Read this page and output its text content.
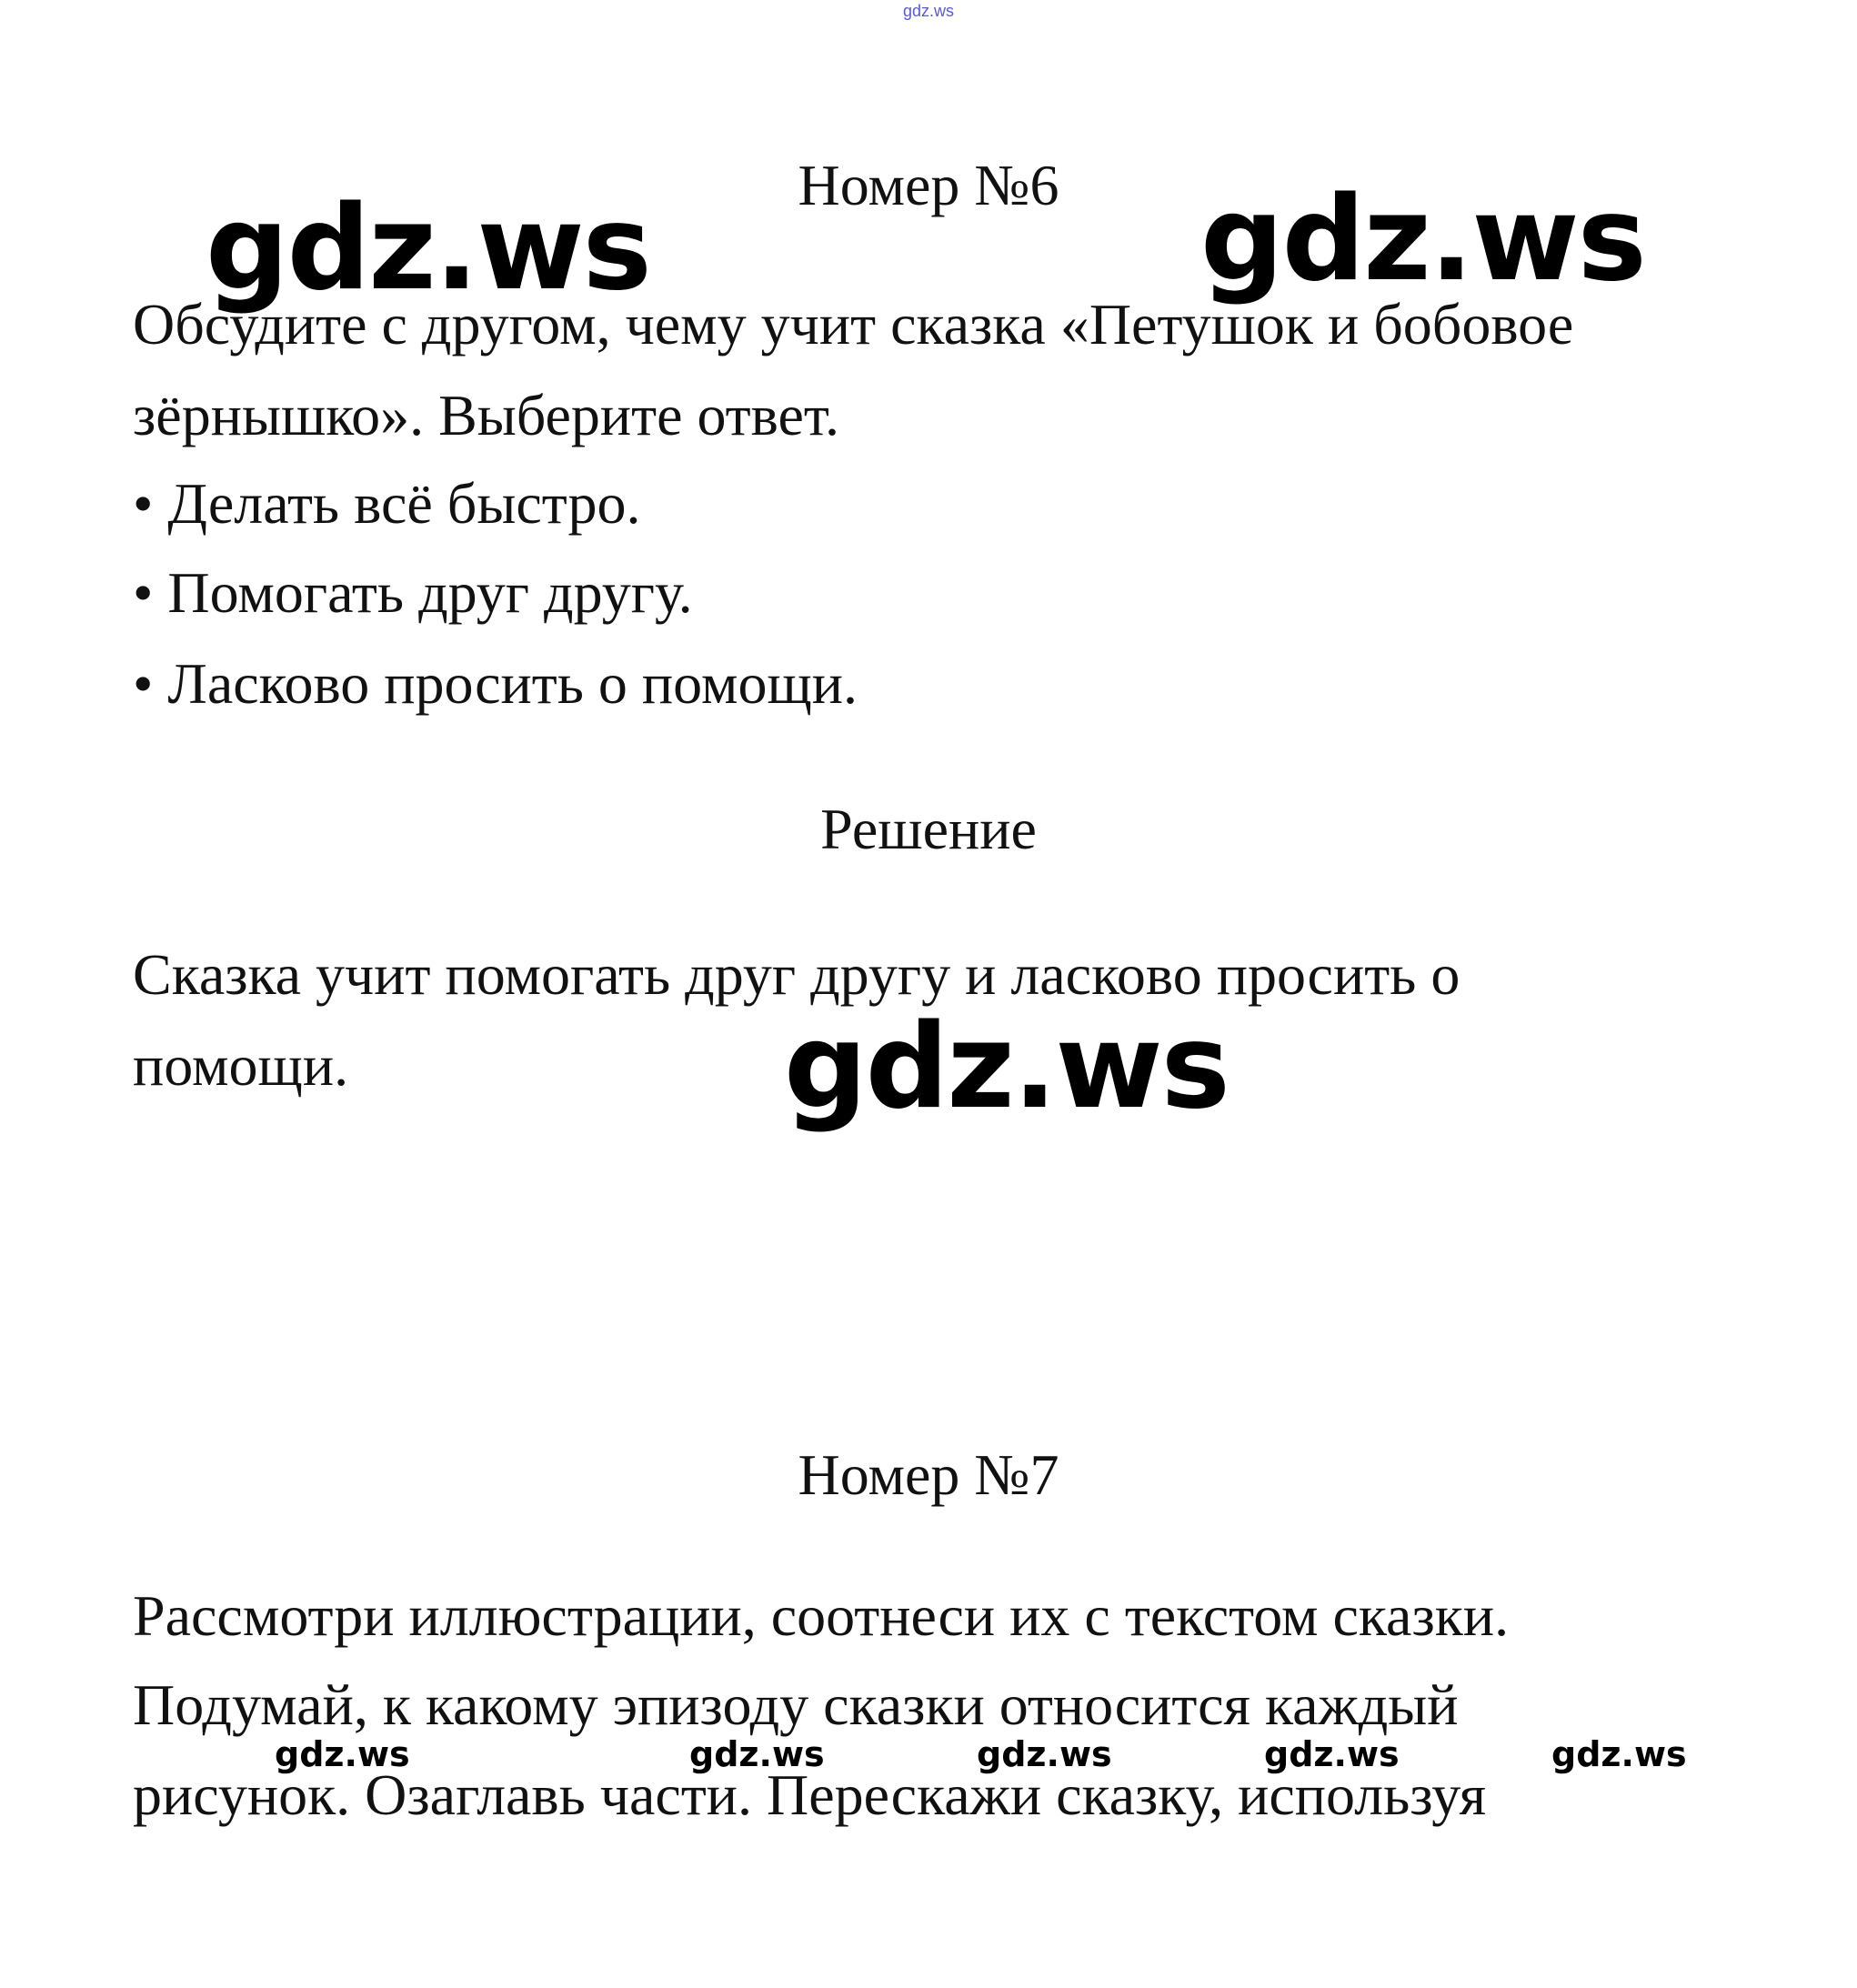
gdz.ws
Номер №6
Обсудите с другом, чему учит сказка «Петушок и бобовое
зёрнышко». Выберите ответ.
• Делать всё быстро.
• Помогать друг другу.
• Ласково просить о помощи.
Решение
Сказка учит помогать друг другу и ласково просить о
помощи.
Номер №7
Рассмотри иллюстрации, соотнеси их с текстом сказки.
Подумай, к какому эпизоду сказки относится каждый
рисунок. Озаглавь части. Перескажи сказку, используя
gdz.ws	gdz.ws
gdz.ws
gdz.ws	gdz.ws	gdz.ws	gdz.ws	gdz.ws
